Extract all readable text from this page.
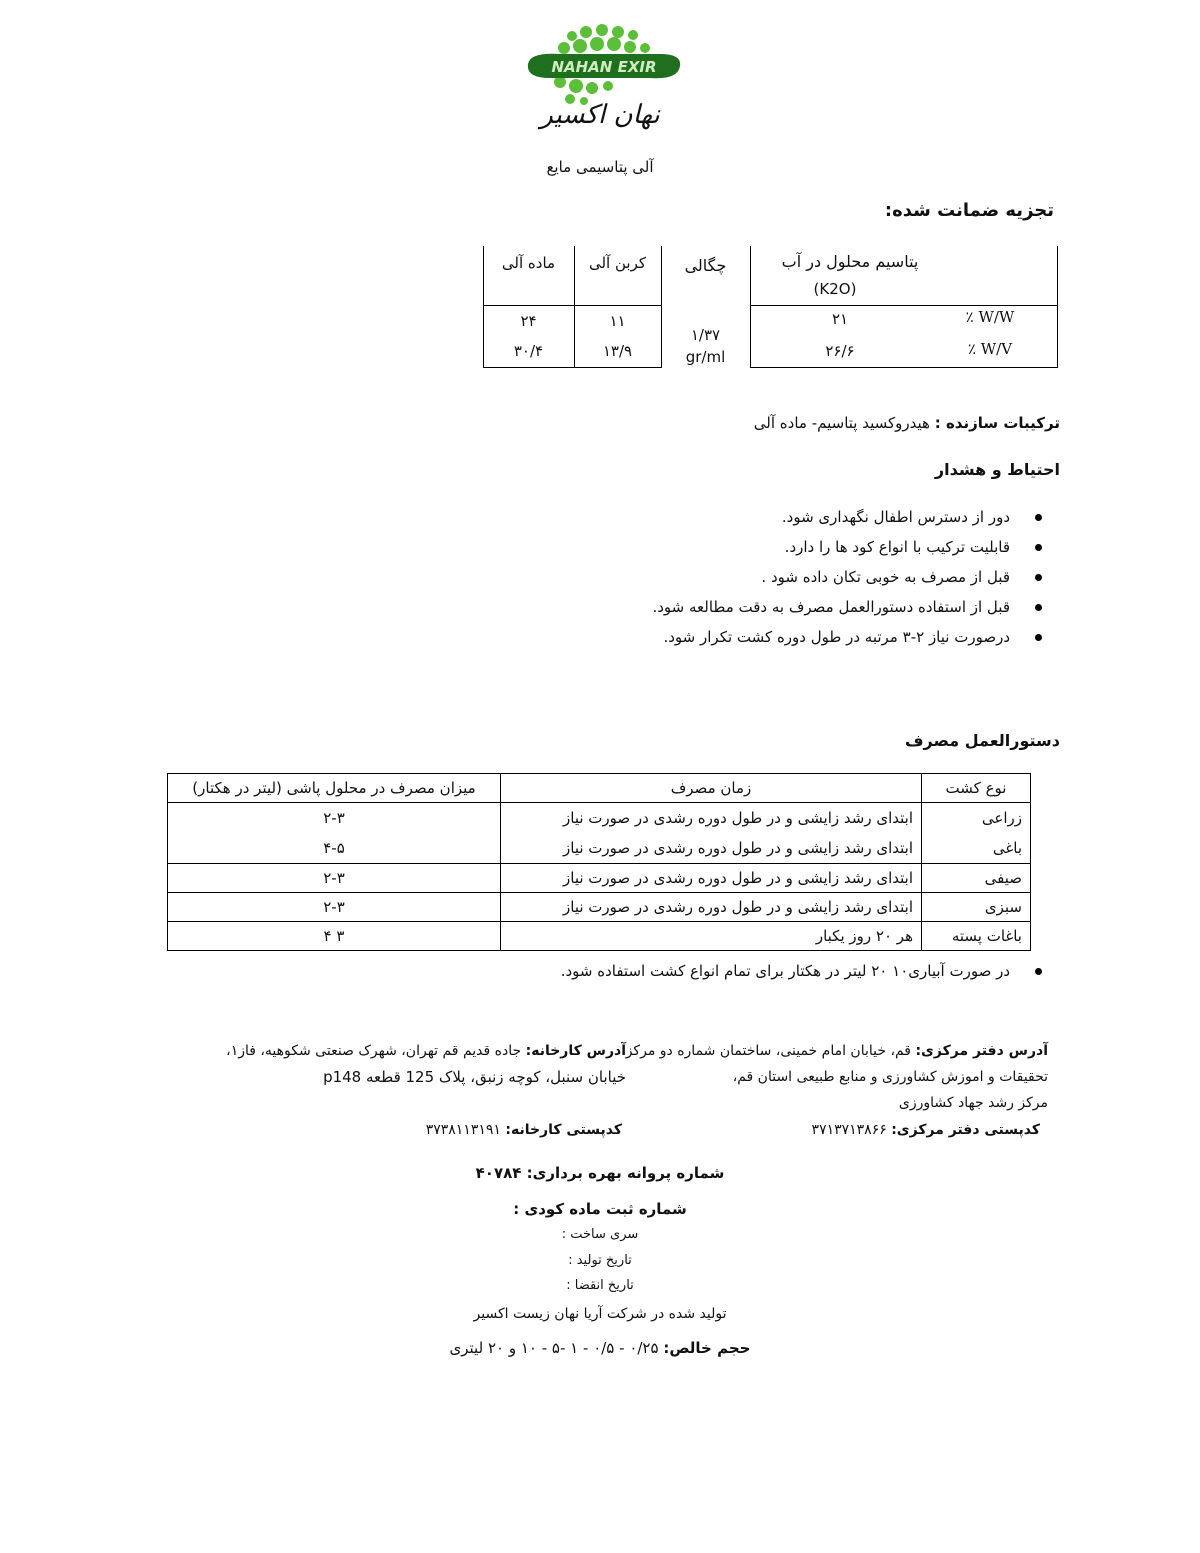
NAHAN EXIR
نهان اکسیر
آلی پتاسیمی مایع
تجزیه ضمانت شده:
ماده آلی	کربن آلی	چگالی	پتاسیم محلول در آب
(K2O)
۲۴	۱۱	۲۱	٪ W/W
۳۰/۴	۱۳/۹	۲۶/۶	٪ W/V
۱/۳۷
gr/ml
ترکیبات سازنده : هیدروکسید پتاسیم- ماده آلی
احتیاط و هشدار
دور از دسترس اطفال نگهداری شود.
قابلیت ترکیب با انواع کود ها را دارد.
قبل از مصرف به خوبی تکان داده شود .
قبل از استفاده دستورالعمل مصرف به دقت مطالعه شود.
درصورت نیاز ۲-۳ مرتبه در طول دوره کشت تکرار شود.
دستورالعمل مصرف
نوع کشت	زمان مصرف	میزان مصرف در محلول پاشی (لیتر در هکتار)
زراعی	ابتدای رشد زایشی و در طول دوره رشدی در صورت نیاز	۲-۳
باغی	ابتدای رشد زایشی و در طول دوره رشدی در صورت نیاز	۴-۵
صیفی	ابتدای رشد زایشی و در طول دوره رشدی در صورت نیاز	۲-۳
سبزی	ابتدای رشد زایشی و در طول دوره رشدی در صورت نیاز	۲-۳
باغات پسته	هر ۲۰ روز یکبار	۳ ۴
در صورت آبیاری۱۰ ۲۰ لیتر در هکتار برای تمام انواع کشت استفاده شود.
آدرس دفتر مرکزی: قم، خیابان امام خمینی، ساختمان شماره دو مرکز
تحقیقات و اموزش کشاورزی و منابع طبیعی استان قم،
مرکز رشد جهاد کشاورزی
آدرس کارخانه: جاده قدیم قم تهران، شهرک صنعتی شکوهیه، فاز۱،
خیابان سنبل، کوچه زنبق، پلاک 125 قطعه p148
کدپستی دفتر مرکزی: ۳۷۱۳۷۱۳۸۶۶
کدپستی کارخانه: ۳۷۳۸۱۱۳۱۹۱
شماره پروانه بهره برداری: ۴۰۷۸۴
شماره ثبت ماده کودی :
سری ساخت :
تاریخ تولید :
تاریخ انقضا :
تولید شده در شرکت آریا نهان زیست اکسیر
حجم خالص: ۰/۲۵ - ۰/۵ - ۱ -۵ - ۱۰ و ۲۰ لیتری
